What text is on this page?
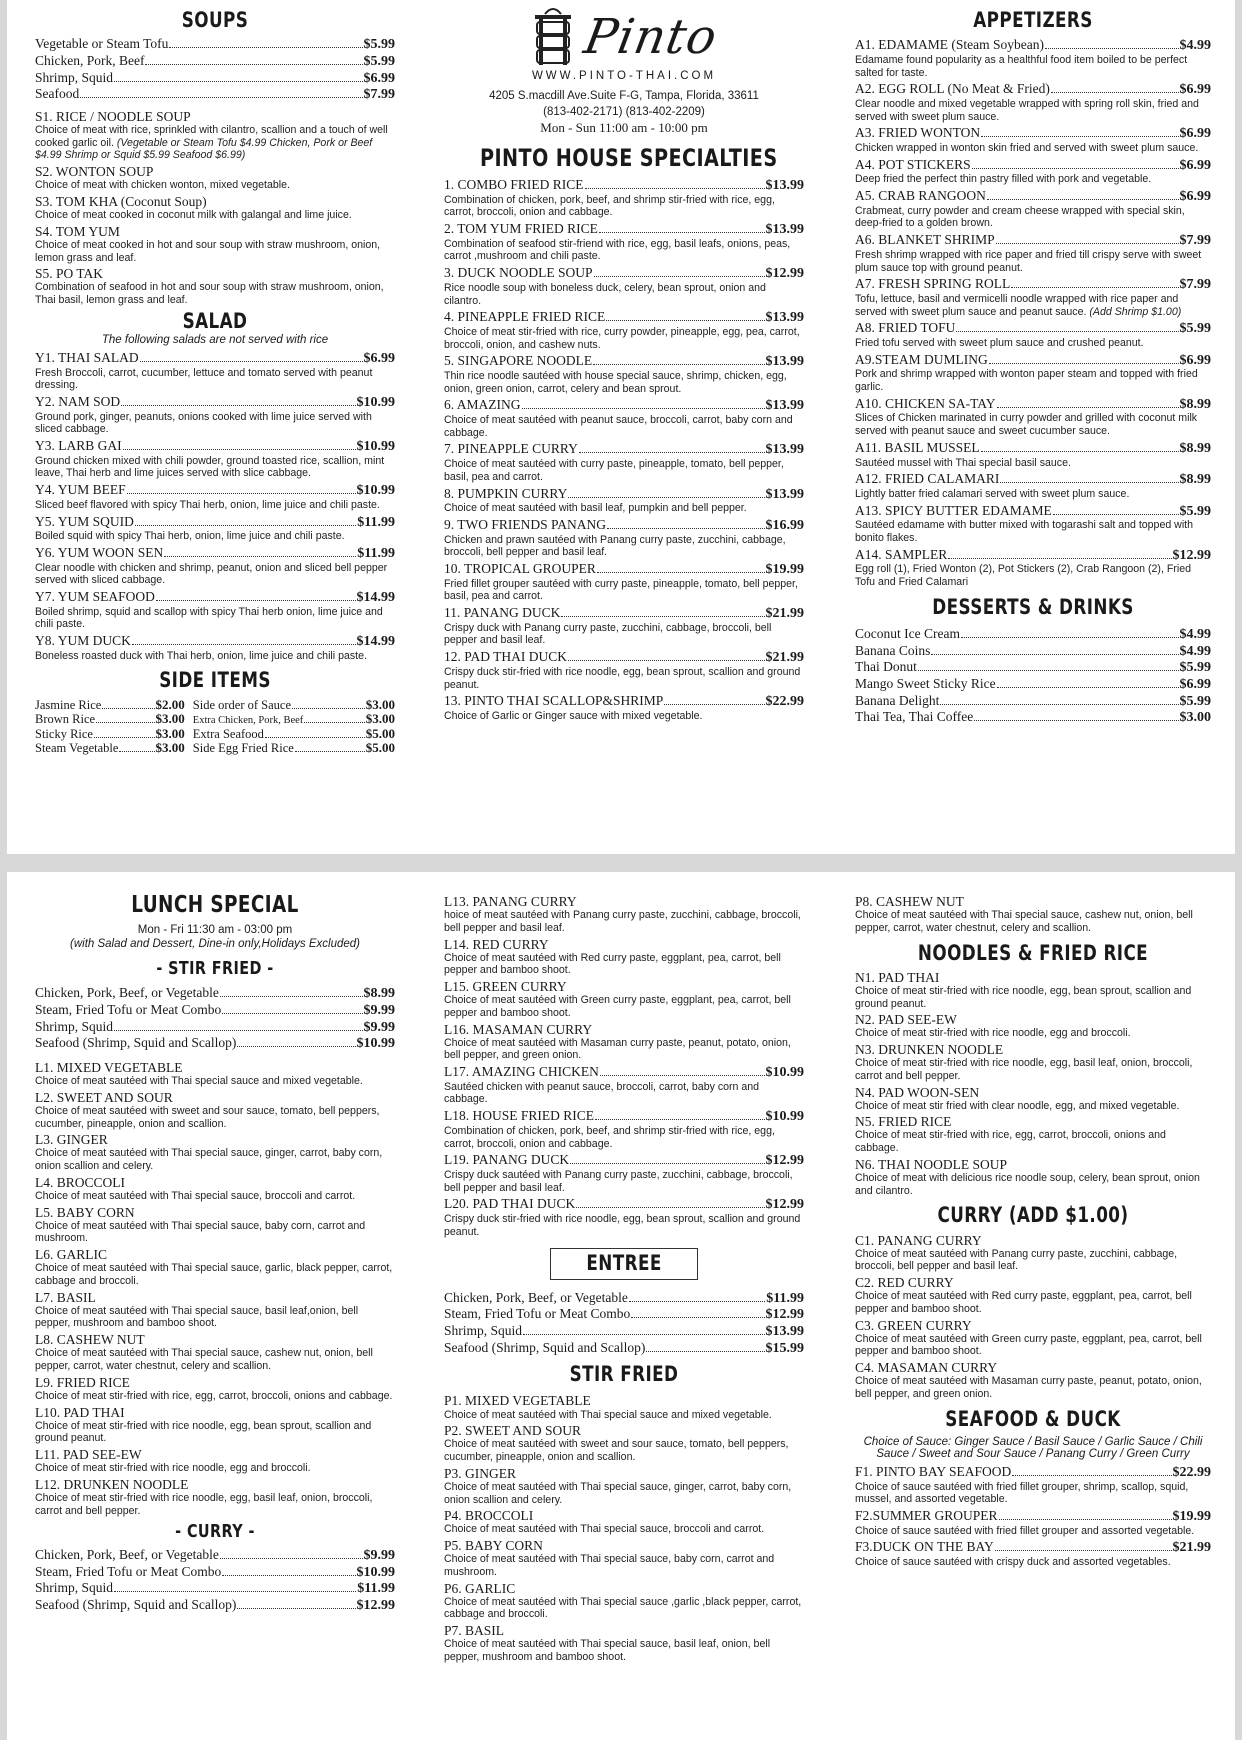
SOUPS
Vegetable or Steam Tofu	$5.99
Chicken, Pork, Beef	$5.99
Shrimp, Squid	$6.99
Seafood	$7.99
S1. RICE / NOODLE SOUP
Choice of meat with rice, sprinkled with cilantro, scallion and a touch of well cooked garlic oil. (Vegetable or Steam Tofu $4.99 Chicken, Pork or Beef $4.99 Shrimp or Squid $5.99 Seafood $6.99)
S2. WONTON SOUP
Choice of meat with chicken wonton, mixed vegetable.
S3. TOM KHA (Coconut Soup)
Choice of meat cooked in coconut milk with galangal and lime juice.
S4. TOM YUM
Choice of meat cooked in hot and sour soup with straw mushroom, onion, lemon grass and leaf.
S5. PO TAK
Combination of seafood in hot and sour soup with straw mushroom, onion, Thai basil, lemon grass and leaf.
SALAD
The following salads are not served with rice
Y1. THAI SALAD	$6.99
Fresh Broccoli, carrot, cucumber, lettuce and tomato served with peanut dressing.
Y2. NAM SOD	$10.99
Ground pork, ginger, peanuts, onions cooked with lime juice served with sliced cabbage.
Y3. LARB GAI	$10.99
Ground chicken mixed with chili powder, ground toasted rice, scallion, mint leave, Thai herb and lime juices served with slice cabbage.
Y4. YUM BEEF	$10.99
Sliced beef flavored with spicy Thai herb, onion, lime juice and chili paste.
Y5. YUM SQUID	$11.99
Boiled squid with spicy Thai herb, onion, lime juice and chili paste.
Y6. YUM WOON SEN	$11.99
Clear noodle with chicken and shrimp, peanut, onion and sliced bell pepper served with sliced cabbage.
Y7. YUM SEAFOOD	$14.99
Boiled shrimp, squid and scallop with spicy Thai herb onion, lime juice and chili paste.
Y8. YUM DUCK	$14.99
Boneless roasted duck with Thai herb, onion, lime juice and chili paste.
SIDE ITEMS
Jasmine Rice	$2.00
Brown Rice	$3.00
Sticky Rice	$3.00
Steam Vegetable	$3.00
Side order of Sauce	$3.00
Extra Chicken, Pork, Beef	$3.00
Extra Seafood	$5.00
Side Egg Fried Rice	$5.00
Pinto
WWW.PINTO-THAI.COM
4205 S.macdill Ave.Suite F-G, Tampa, Florida, 33611
(813-402-2171) (813-402-2209)
Mon - Sun 11:00 am - 10:00 pm
PINTO HOUSE SPECIALTIES
1. COMBO FRIED RICE	$13.99
Combination of chicken, pork, beef, and shrimp stir-fried with rice, egg, carrot, broccoli, onion and cabbage.
2. TOM YUM FRIED RICE	$13.99
Combination of seafood stir-friend with rice, egg, basil leafs, onions, peas, carrot ,mushroom and chili paste.
3. DUCK NOODLE SOUP	$12.99
Rice noodle soup with boneless duck, celery, bean sprout, onion and cilantro.
4. PINEAPPLE FRIED RICE	$13.99
Choice of meat stir-fried with rice, curry powder, pineapple, egg, pea, carrot, broccoli, onion, and cashew nuts.
5. SINGAPORE NOODLE	$13.99
Thin rice noodle sautéed with house special sauce, shrimp, chicken, egg, onion, green onion, carrot, celery and bean sprout.
6. AMAZING	$13.99
Choice of meat sautéed with peanut sauce, broccoli, carrot, baby corn and cabbage.
7. PINEAPPLE CURRY	$13.99
Choice of meat sautéed with curry paste, pineapple, tomato, bell pepper, basil, pea and carrot.
8. PUMPKIN CURRY	$13.99
Choice of meat sautéed with basil leaf, pumpkin and bell pepper.
9. TWO FRIENDS PANANG	$16.99
Chicken and prawn sautéed with Panang curry paste, zucchini, cabbage, broccoli, bell pepper and basil leaf.
10. TROPICAL GROUPER	$19.99
Fried fillet grouper sautéed with curry paste, pineapple, tomato, bell pepper, basil, pea and carrot.
11. PANANG DUCK	$21.99
Crispy duck with Panang curry paste, zucchini, cabbage, broccoli, bell pepper and basil leaf.
12. PAD THAI DUCK	$21.99
Crispy duck stir-fried with rice noodle, egg, bean sprout, scallion and ground peanut.
13. PINTO THAI SCALLOP&SHRIMP	$22.99
Choice of Garlic or Ginger sauce with mixed vegetable.
APPETIZERS
A1. EDAMAME (Steam Soybean)	$4.99
Edamame found popularity as a healthful food item boiled to be perfect salted for taste.
A2. EGG ROLL (No Meat & Fried)	$6.99
Clear noodle and mixed vegetable wrapped with spring roll skin, fried and served with sweet plum sauce.
A3. FRIED WONTON	$6.99
Chicken wrapped in wonton skin fried and served with sweet plum sauce.
A4. POT STICKERS	$6.99
Deep fried the perfect thin pastry filled with pork and vegetable.
A5. CRAB RANGOON	$6.99
Crabmeat, curry powder and cream cheese wrapped with special skin, deep-fried to a golden brown.
A6. BLANKET SHRIMP	$7.99
Fresh shrimp wrapped with rice paper and fried till crispy serve with sweet plum sauce top with ground peanut.
A7. FRESH SPRING ROLL	$7.99
Tofu, lettuce, basil and vermicelli noodle wrapped with rice paper and served with sweet plum sauce and peanut sauce. (Add Shrimp $1.00)
A8. FRIED TOFU	$5.99
Fried tofu served with sweet plum sauce and crushed peanut.
A9.STEAM DUMLING	$6.99
Pork and shrimp wrapped with wonton paper steam and topped with fried garlic.
A10. CHICKEN SA-TAY	$8.99
Slices of Chicken marinated in curry powder and grilled with coconut milk served with peanut sauce and sweet cucumber sauce.
A11. BASIL MUSSEL	$8.99
Sautéed mussel with Thai special basil sauce.
A12. FRIED CALAMARI	$8.99
Lightly batter fried calamari served with sweet plum sauce.
A13. SPICY BUTTER EDAMAME	$5.99
Sautéed edamame with butter mixed with togarashi salt and topped with bonito flakes.
A14. SAMPLER	$12.99
Egg roll (1), Fried Wonton (2), Pot Stickers (2), Crab Rangoon (2), Fried Tofu and Fried Calamari
DESSERTS & DRINKS
Coconut Ice Cream	$4.99
Banana Coins	$4.99
Thai Donut	$5.99
Mango Sweet Sticky Rice	$6.99
Banana Delight	$5.99
Thai Tea, Thai Coffee	$3.00
LUNCH SPECIAL
Mon - Fri 11:30 am - 03:00 pm
(with Salad and Dessert, Dine-in only,Holidays Excluded)
- STIR FRIED -
Chicken, Pork, Beef, or Vegetable	$8.99
Steam, Fried Tofu or Meat Combo	$9.99
Shrimp, Squid	$9.99
Seafood (Shrimp, Squid and Scallop)	$10.99
L1. MIXED VEGETABLE
Choice of meat sautéed with Thai special sauce and mixed vegetable.
L2. SWEET AND SOUR
Choice of meat sautéed with sweet and sour sauce, tomato, bell peppers, cucumber, pineapple, onion and scallion.
L3. GINGER
Choice of meat sautéed with Thai special sauce, ginger, carrot, baby corn, onion scallion and celery.
L4. BROCCOLI
Choice of meat sautéed with Thai special sauce, broccoli and carrot.
L5. BABY CORN
Choice of meat sautéed with Thai special sauce, baby corn, carrot and mushroom.
L6. GARLIC
Choice of meat sautéed with Thai special sauce, garlic, black pepper, carrot, cabbage and broccoli.
L7. BASIL
Choice of meat sautéed with Thai special sauce, basil leaf,onion, bell pepper, mushroom and bamboo shoot.
L8. CASHEW NUT
Choice of meat sautéed with Thai special sauce, cashew nut, onion, bell pepper, carrot, water chestnut, celery and scallion.
L9. FRIED RICE
Choice of meat stir-fried with rice, egg, carrot, broccoli, onions and cabbage.
L10. PAD THAI
Choice of meat stir-fried with rice noodle, egg, bean sprout, scallion and ground peanut.
L11. PAD SEE-EW
Choice of meat stir-fried with rice noodle, egg and broccoli.
L12. DRUNKEN NOODLE
Choice of meat stir-fried with rice noodle, egg, basil leaf, onion, broccoli, carrot and bell pepper.
- CURRY -
Chicken, Pork, Beef, or Vegetable	$9.99
Steam, Fried Tofu or Meat Combo	$10.99
Shrimp, Squid	$11.99
Seafood (Shrimp, Squid and Scallop)	$12.99
L13. PANANG CURRY
hoice of meat sautéed with Panang curry paste, zucchini, cabbage, broccoli, bell pepper and basil leaf.
L14. RED CURRY
Choice of meat sautéed with Red curry paste, eggplant, pea, carrot, bell pepper and bamboo shoot.
L15. GREEN CURRY
Choice of meat sautéed with Green curry paste, eggplant, pea, carrot, bell pepper and bamboo shoot.
L16. MASAMAN CURRY
Choice of meat sautéed with Masaman curry paste, peanut, potato, onion, bell pepper, and green onion.
L17. AMAZING CHICKEN	$10.99
Sautéed chicken with peanut sauce, broccoli, carrot, baby corn and cabbage.
L18. HOUSE FRIED RICE	$10.99
Combination of chicken, pork, beef, and shrimp stir-fried with rice, egg, carrot, broccoli, onion and cabbage.
L19. PANANG DUCK	$12.99
Crispy duck sautéed with Panang curry paste, zucchini, cabbage, broccoli, bell pepper and basil leaf.
L20. PAD THAI DUCK	$12.99
Crispy duck stir-fried with rice noodle, egg, bean sprout, scallion and ground peanut.
ENTREE
Chicken, Pork, Beef, or Vegetable	$11.99
Steam, Fried Tofu or Meat Combo	$12.99
Shrimp, Squid	$13.99
Seafood (Shrimp, Squid and Scallop)	$15.99
STIR FRIED
P1. MIXED VEGETABLE
Choice of meat sautéed with Thai special sauce and mixed vegetable.
P2. SWEET AND SOUR
Choice of meat sautéed with sweet and sour sauce, tomato, bell peppers, cucumber, pineapple, onion and scallion.
P3. GINGER
Choice of meat sautéed with Thai special sauce, ginger, carrot, baby corn, onion scallion and celery.
P4. BROCCOLI
Choice of meat sautéed with Thai special sauce, broccoli and carrot.
P5. BABY CORN
Choice of meat sautéed with Thai special sauce, baby corn, carrot and mushroom.
P6. GARLIC
Choice of meat sautéed with Thai special sauce ,garlic ,black pepper, carrot, cabbage and broccoli.
P7. BASIL
Choice of meat sautéed with Thai special sauce, basil leaf, onion, bell pepper, mushroom and bamboo shoot.
P8. CASHEW NUT
Choice of meat sautéed with Thai special sauce, cashew nut, onion, bell pepper, carrot, water chestnut, celery and scallion.
NOODLES & FRIED RICE
N1. PAD THAI
Choice of meat stir-fried with rice noodle, egg, bean sprout, scallion and ground peanut.
N2. PAD SEE-EW
Choice of meat stir-fried with rice noodle, egg and broccoli.
N3. DRUNKEN NOODLE
Choice of meat stir-fried with rice noodle, egg, basil leaf, onion, broccoli, carrot and bell pepper.
N4. PAD WOON-SEN
Choice of meat stir fried with clear noodle, egg, and mixed vegetable.
N5. FRIED RICE
Choice of meat stir-fried with rice, egg, carrot, broccoli, onions and cabbage.
N6. THAI NOODLE SOUP
Choice of meat with delicious rice noodle soup, celery, bean sprout, onion and cilantro.
CURRY (ADD $1.00)
C1. PANANG CURRY
Choice of meat sautéed with Panang curry paste, zucchini, cabbage, broccoli, bell pepper and basil leaf.
C2. RED CURRY
Choice of meat sautéed with Red curry paste, eggplant, pea, carrot, bell pepper and bamboo shoot.
C3. GREEN CURRY
Choice of meat sautéed with Green curry paste, eggplant, pea, carrot, bell pepper and bamboo shoot.
C4. MASAMAN CURRY
Choice of meat sautéed with Masaman curry paste, peanut, potato, onion, bell pepper, and green onion.
SEAFOOD & DUCK
Choice of Sauce: Ginger Sauce / Basil Sauce / Garlic Sauce / Chili Sauce / Sweet and Sour Sauce / Panang Curry / Green Curry
F1. PINTO BAY SEAFOOD	$22.99
Choice of sauce sautéed with fried fillet grouper, shrimp, scallop, squid, mussel, and assorted vegetable.
F2.SUMMER GROUPER	$19.99
Choice of sauce sautéed with fried fillet grouper and assorted vegetable.
F3.DUCK ON THE BAY	$21.99
Choice of sauce sautéed with crispy duck and assorted vegetables.
